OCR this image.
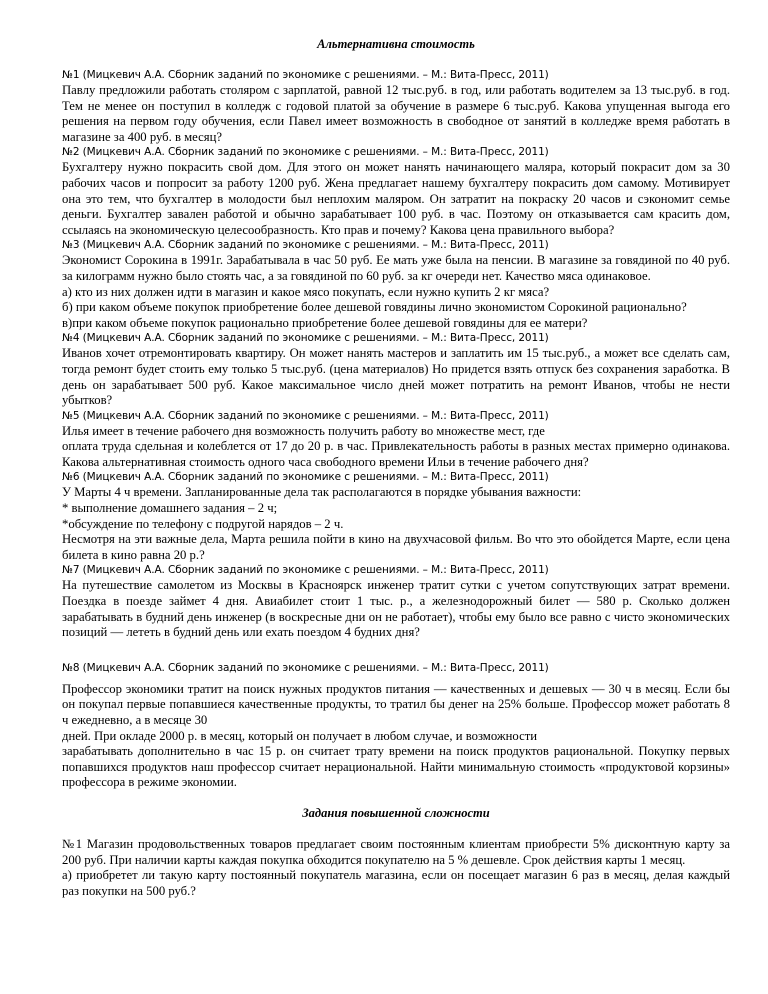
Альтернативна стоимость
№1 (Мицкевич А.А. Сборник заданий по экономике с решениями. – М.: Вита-Пресс, 2011)

Павлу предложили работать столяром с зарплатой, равной 12 тыс.руб. в год, или работать водителем за 13 тыс.руб. в год. Тем не менее он поступил в колледж с годовой платой за обучение в размере 6 тыс.руб. Какова упущенная выгода его решения на первом году обучения, если Павел имеет возможность в свободное от занятий в колледже время работать в магазине за 400 руб. в месяц?

№2 (Мицкевич А.А. Сборник заданий по экономике с решениями. – М.: Вита-Пресс, 2011)

Бухгалтеру нужно покрасить свой дом. Для этого он может нанять начинающего маляра, который покрасит дом за 30 рабочих часов и попросит за работу 1200 руб. Жена предлагает нашему бухгалтеру покрасить дом самому. Мотивирует она это тем, что бухгалтер в молодости был неплохим маляром. Он затратит на покраску 20 часов и сэкономит семье деньги. Бухгалтер завален работой и обычно зарабатывает 100 руб. в час. Поэтому он отказывается сам красить дом, ссылаясь на экономическую целесообразность. Кто прав и почему? Какова цена правильного выбора?

№3 (Мицкевич А.А. Сборник заданий по экономике с решениями. – М.: Вита-Пресс, 2011)

Экономист Сорокина в 1991г. Зарабатывала в час 50 руб. Ее мать уже была на пенсии. В магазине за говядиной по 40 руб. за килограмм нужно было стоять час, а за говядиной по 60 руб. за кг очереди нет. Качество мяса одинаковое.

а) кто из них должен идти в магазин и какое мясо покупать, если нужно купить 2 кг мяса?

б) при каком объеме покупок приобретение более дешевой говядины лично экономистом Сорокиной рационально?

в)при каком объеме покупок рационально приобретение более дешевой говядины для ее матери?

№4 (Мицкевич А.А. Сборник заданий по экономике с решениями. – М.: Вита-Пресс, 2011)

Иванов хочет отремонтировать квартиру. Он может нанять мастеров и заплатить им 15 тыс.руб., а может все сделать сам, тогда ремонт будет стоить ему только 5 тыс.руб. (цена материалов) Но придется взять отпуск без сохранения заработка. В день он зарабатывает 500 руб. Какое максимальное число дней может потратить на ремонт Иванов, чтобы не нести убытков?

№5 (Мицкевич А.А. Сборник заданий по экономике с решениями. – М.: Вита-Пресс, 2011)

Илья имеет в течение рабочего дня возможность получить работу во множестве мест, где

оплата труда сдельная и колеблется от 17 до 20 р. в час. Привлекательность работы в разных местах примерно одинакова. Какова альтернативная стоимость одного часа свободного времени Ильи в течение рабочего дня?

№6 (Мицкевич А.А. Сборник заданий по экономике с решениями. – М.: Вита-Пресс, 2011)

У Марты 4 ч времени. Запланированные дела так располагаются в порядке убывания важности:

* выполнение домашнего задания – 2 ч;

*обсуждение по телефону с подругой нарядов – 2 ч.

Несмотря на эти важные дела, Марта решила пойти в кино на двухчасовой фильм. Во что это обойдется Марте, если цена билета в кино равна 20 р.?

№7 (Мицкевич А.А. Сборник заданий по экономике с решениями. – М.: Вита-Пресс, 2011)

На путешествие самолетом из Москвы в Красноярск инженер тратит сутки с учетом сопутствующих затрат времени. Поездка в поезде займет 4 дня. Авиабилет стоит 1 тыс. р., а железнодорожный билет — 580 р. Сколько должен зарабатывать в будний день инженер (в воскресные дни он не работает), чтобы ему было все равно с чисто экономических позиций — лететь в будний день или ехать поездом 4 будних дня?

№8 (Мицкевич А.А. Сборник заданий по экономике с решениями. – М.: Вита-Пресс, 2011)

Профессор экономики тратит на поиск нужных продуктов питания — качественных и дешевых — 30 ч в месяц. Если бы он покупал первые попавшиеся качественные продукты, то тратил бы денег на 25% больше. Профессор может работать 8 ч ежедневно, а в месяце 30

дней. При окладе 2000 р. в месяц, который он получает в любом случае, и возможности

зарабатывать дополнительно в час 15 р. он считает трату времени на поиск продуктов рациональной. Покупку первых попавшихся продуктов наш профессор считает нерациональной. Найти минимальную стоимость «продуктовой корзины» профессора в режиме экономии.

Задания повышенной сложности

№1 Магазин продовольственных товаров предлагает своим постоянным клиентам приобрести 5% дисконтную карту за 200 руб. При наличии карты каждая покупка обходится покупателю на 5 % дешевле. Срок действия карты 1 месяц.

а) приобретет ли такую карту постоянный покупатель магазина, если он посещает магазин 6 раз в месяц, делая каждый раз покупки на 500 руб.?
